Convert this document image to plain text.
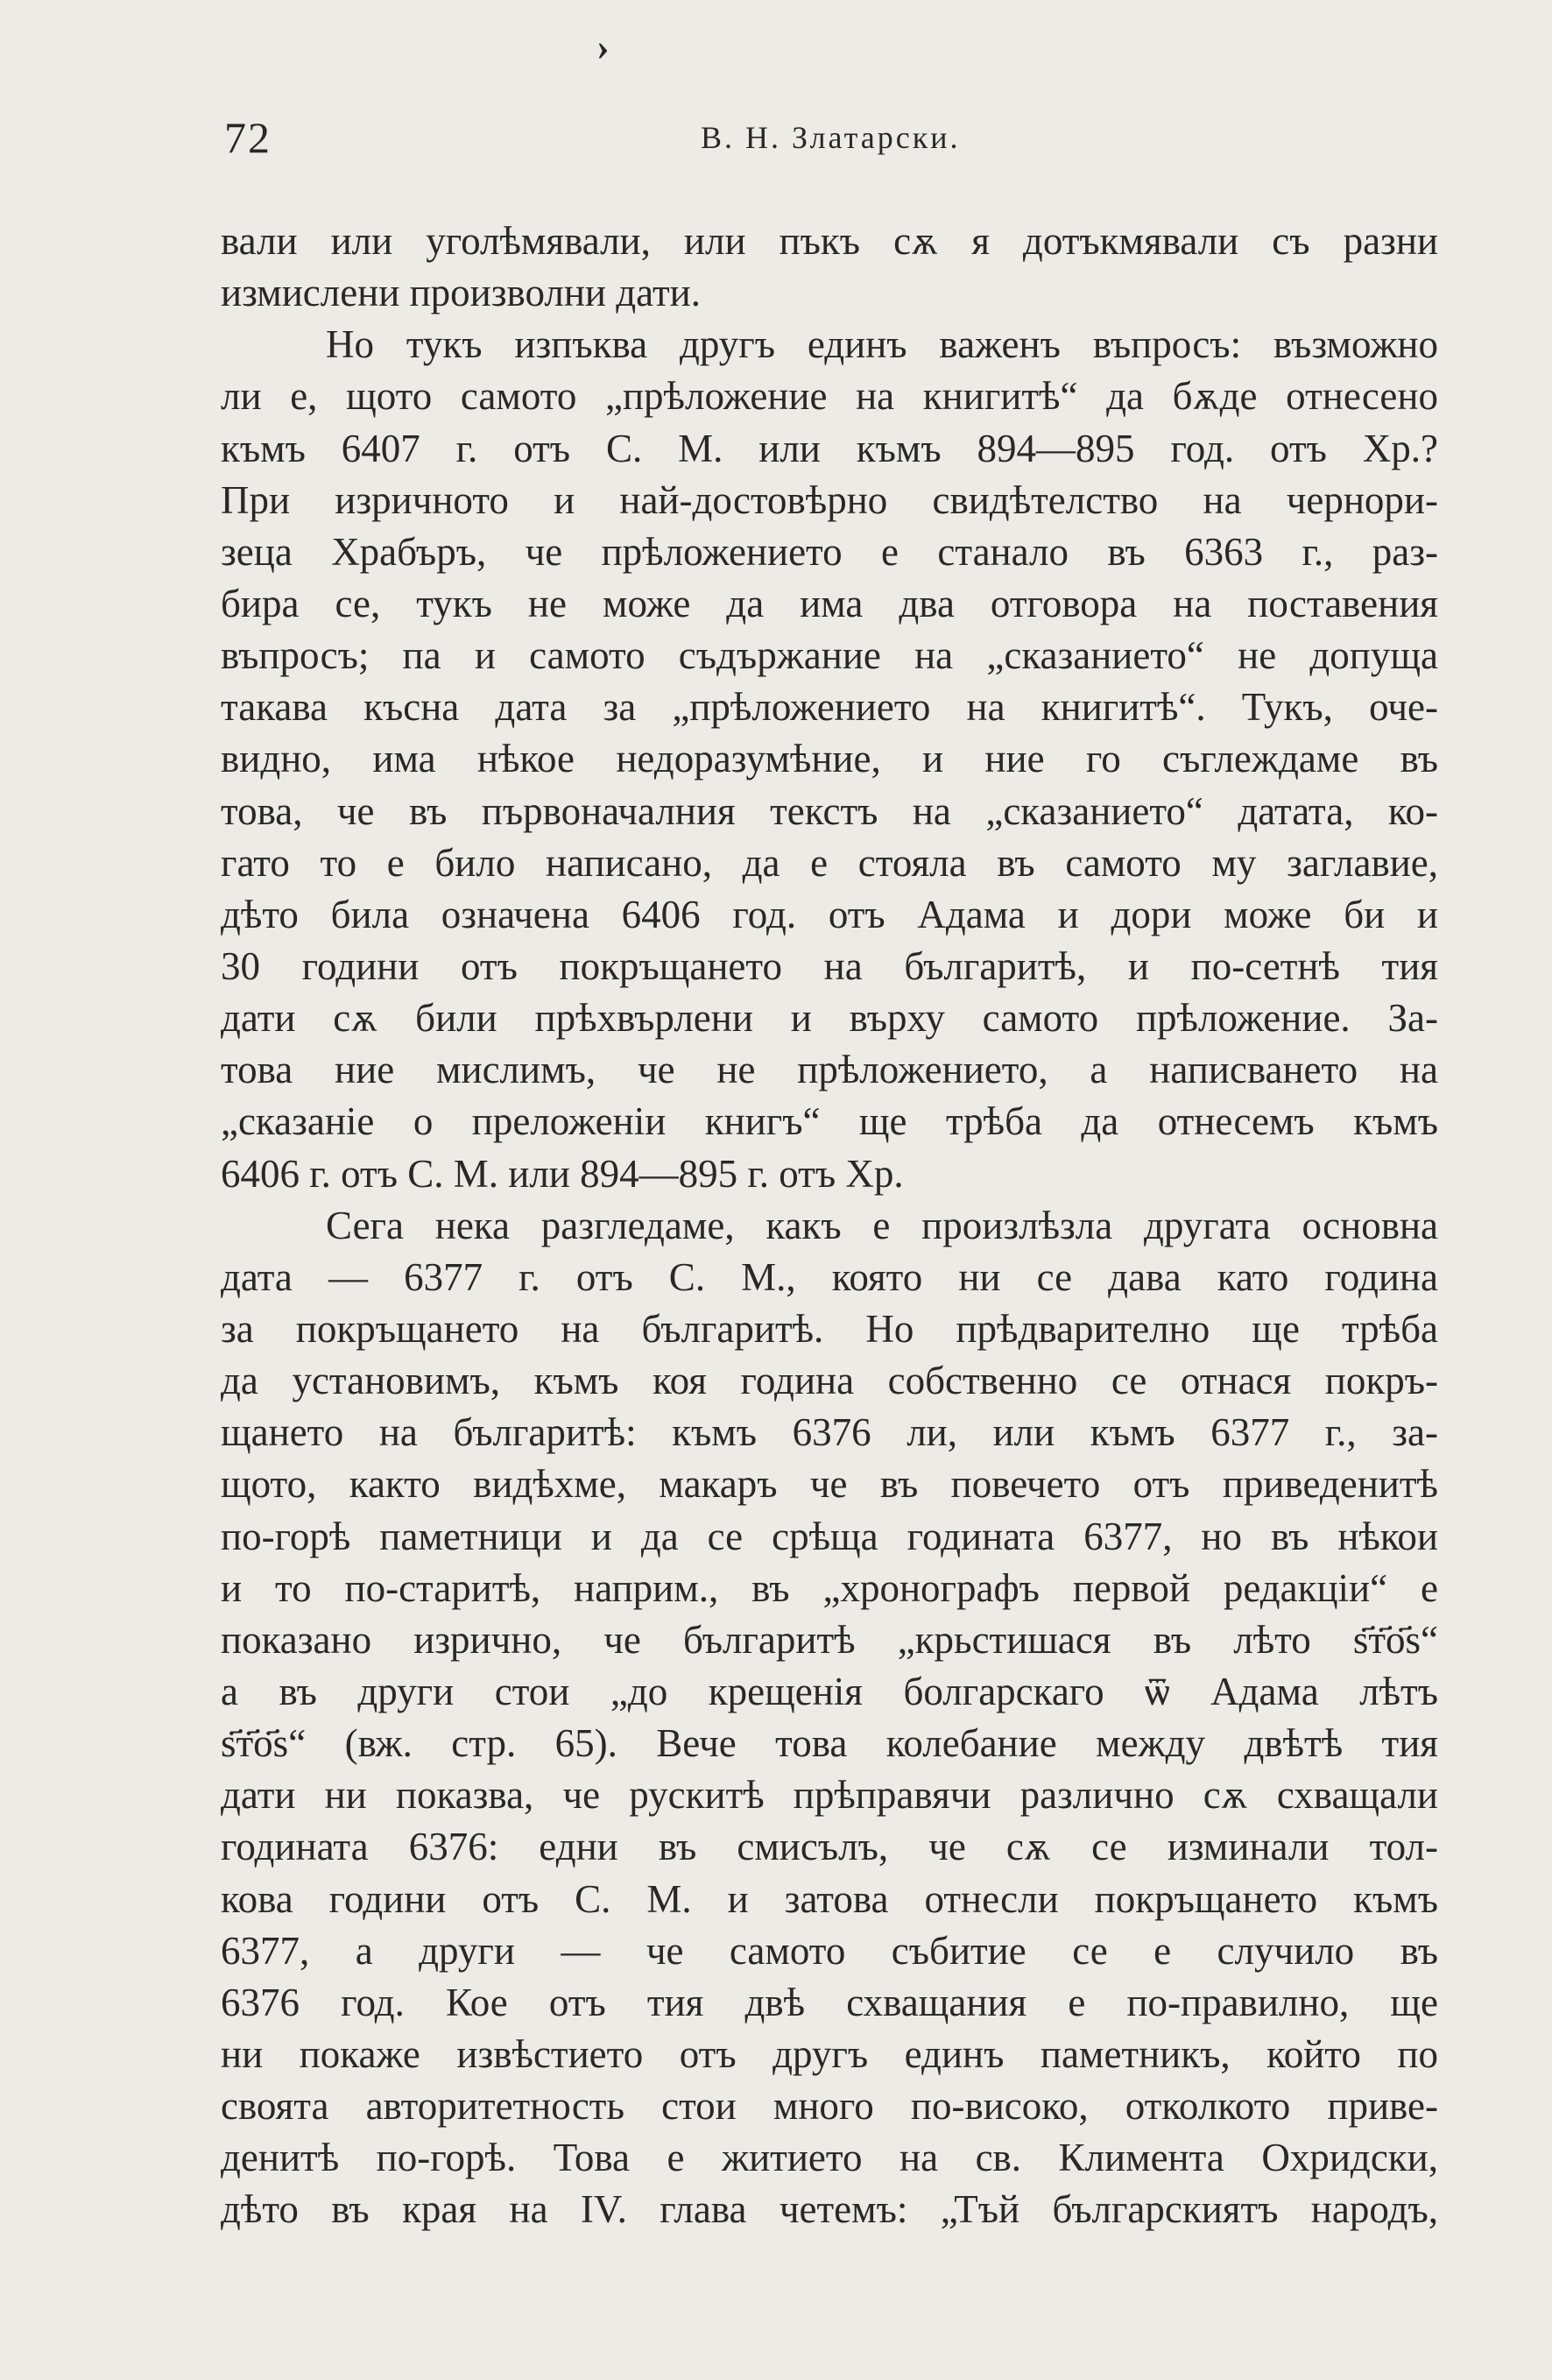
›
72	В. Н. Златарски.
вали или уголѣмявали, или пъкъ сѫ я дотъкмявали съ разни
измислени произволни дати.
Но тукъ изпъква другъ единъ важенъ въпросъ: възможно
ли е, щото самото „прѣложение на книгитѣ“ да бѫде отнесено
къмъ 6407 г. отъ С. М. или къмъ 894—895 год. отъ Хр.?
При изричното и най-достовѣрно свидѣтелство на чернори-
зеца Храбъръ, че прѣложението е станало въ 6363 г., раз-
бира се, тукъ не може да има два отговора на поставения
въпросъ; па и самото съдържание на „сказанието“ не допуща
такава късна дата за „прѣложението на книгитѣ“. Тукъ, оче-
видно, има нѣкое недоразумѣние, и ние го съглеждаме въ
това, че въ първоначалния текстъ на „сказанието“ датата, ко-
гато то е било написано, да е стояла въ самото му заглавие,
дѣто била означена 6406 год. отъ Адама и дори може би и
30 години отъ покръщането на българитѣ, и по-сетнѣ тия
дати сѫ били прѣхвърлени и върху самото прѣложение. За-
това ние мислимъ, че не прѣложението, а написването на
„сказаніе о преложеніи книгъ“ ще трѣба да отнесемъ къмъ
6406 г. отъ С. М. или 894—895 г. отъ Хр.
Сега нека разгледаме, какъ е произлѣзла другата основна
дата — 6377 г. отъ С. М., която ни се дава като година
за покръщането на българитѣ. Но прѣдварително ще трѣба
да установимъ, къмъ коя година собственно се отнася покръ-
щането на българитѣ: къмъ 6376 ли, или къмъ 6377 г., за-
щото, както видѣхме, макаръ че въ повечето отъ приведенитѣ
по-горѣ паметници и да се срѣща годината 6377, но въ нѣкои
и то по-старитѣ, наприм., въ „хронографъ первой редакціи“ е
показано изрично, че българитѣ „крьстишася въ лѣто ѕ҃т҃о҃ѕ“
а въ други стои „до крещенія болгарскаго ѿ Адама лѣтъ
ѕ҃т҃о҃ѕ“ (вж. стр. 65). Вече това колебание между двѣтѣ тия
дати ни показва, че рускитѣ прѣправячи различно сѫ схващали
годината 6376: едни въ смисълъ, че сѫ се изминали тол-
кова години отъ С. М. и затова отнесли покръщането къмъ
6377, а други — че самото събитие се е случило въ
6376 год. Кое отъ тия двѣ схващания е по-правилно, ще
ни покаже извѣстието отъ другъ единъ паметникъ, който по
своята авторитетность стои много по-високо, отколкото приве-
денитѣ по-горѣ. Това е житието на св. Климента Охридски,
дѣто въ края на IV. глава четемъ: „Тъй българскиятъ народъ,
